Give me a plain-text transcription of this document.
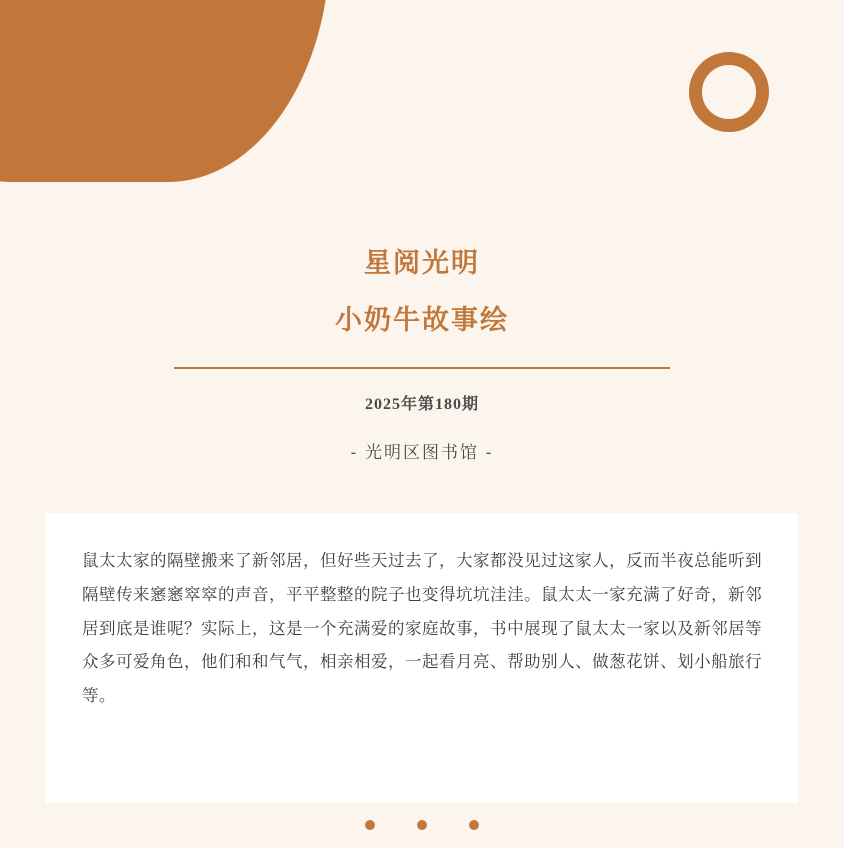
星阅光明
小奶牛故事绘
2025年第180期
- 光明区图书馆 -

鼠太太家的隔壁搬来了新邻居，但好些天过去了，大家都没见过这家人，反而半夜总能听到隔壁传来窸窸窣窣的声音，平平整整的院子也变得坑坑洼洼。鼠太太一家充满了好奇，新邻居到底是谁呢？实际上，这是一个充满爱的家庭故事，书中展现了鼠太太一家以及新邻居等众多可爱角色，他们和和气气，相亲相爱，一起看月亮、帮助别人、做葱花饼、划小船旅行等。
